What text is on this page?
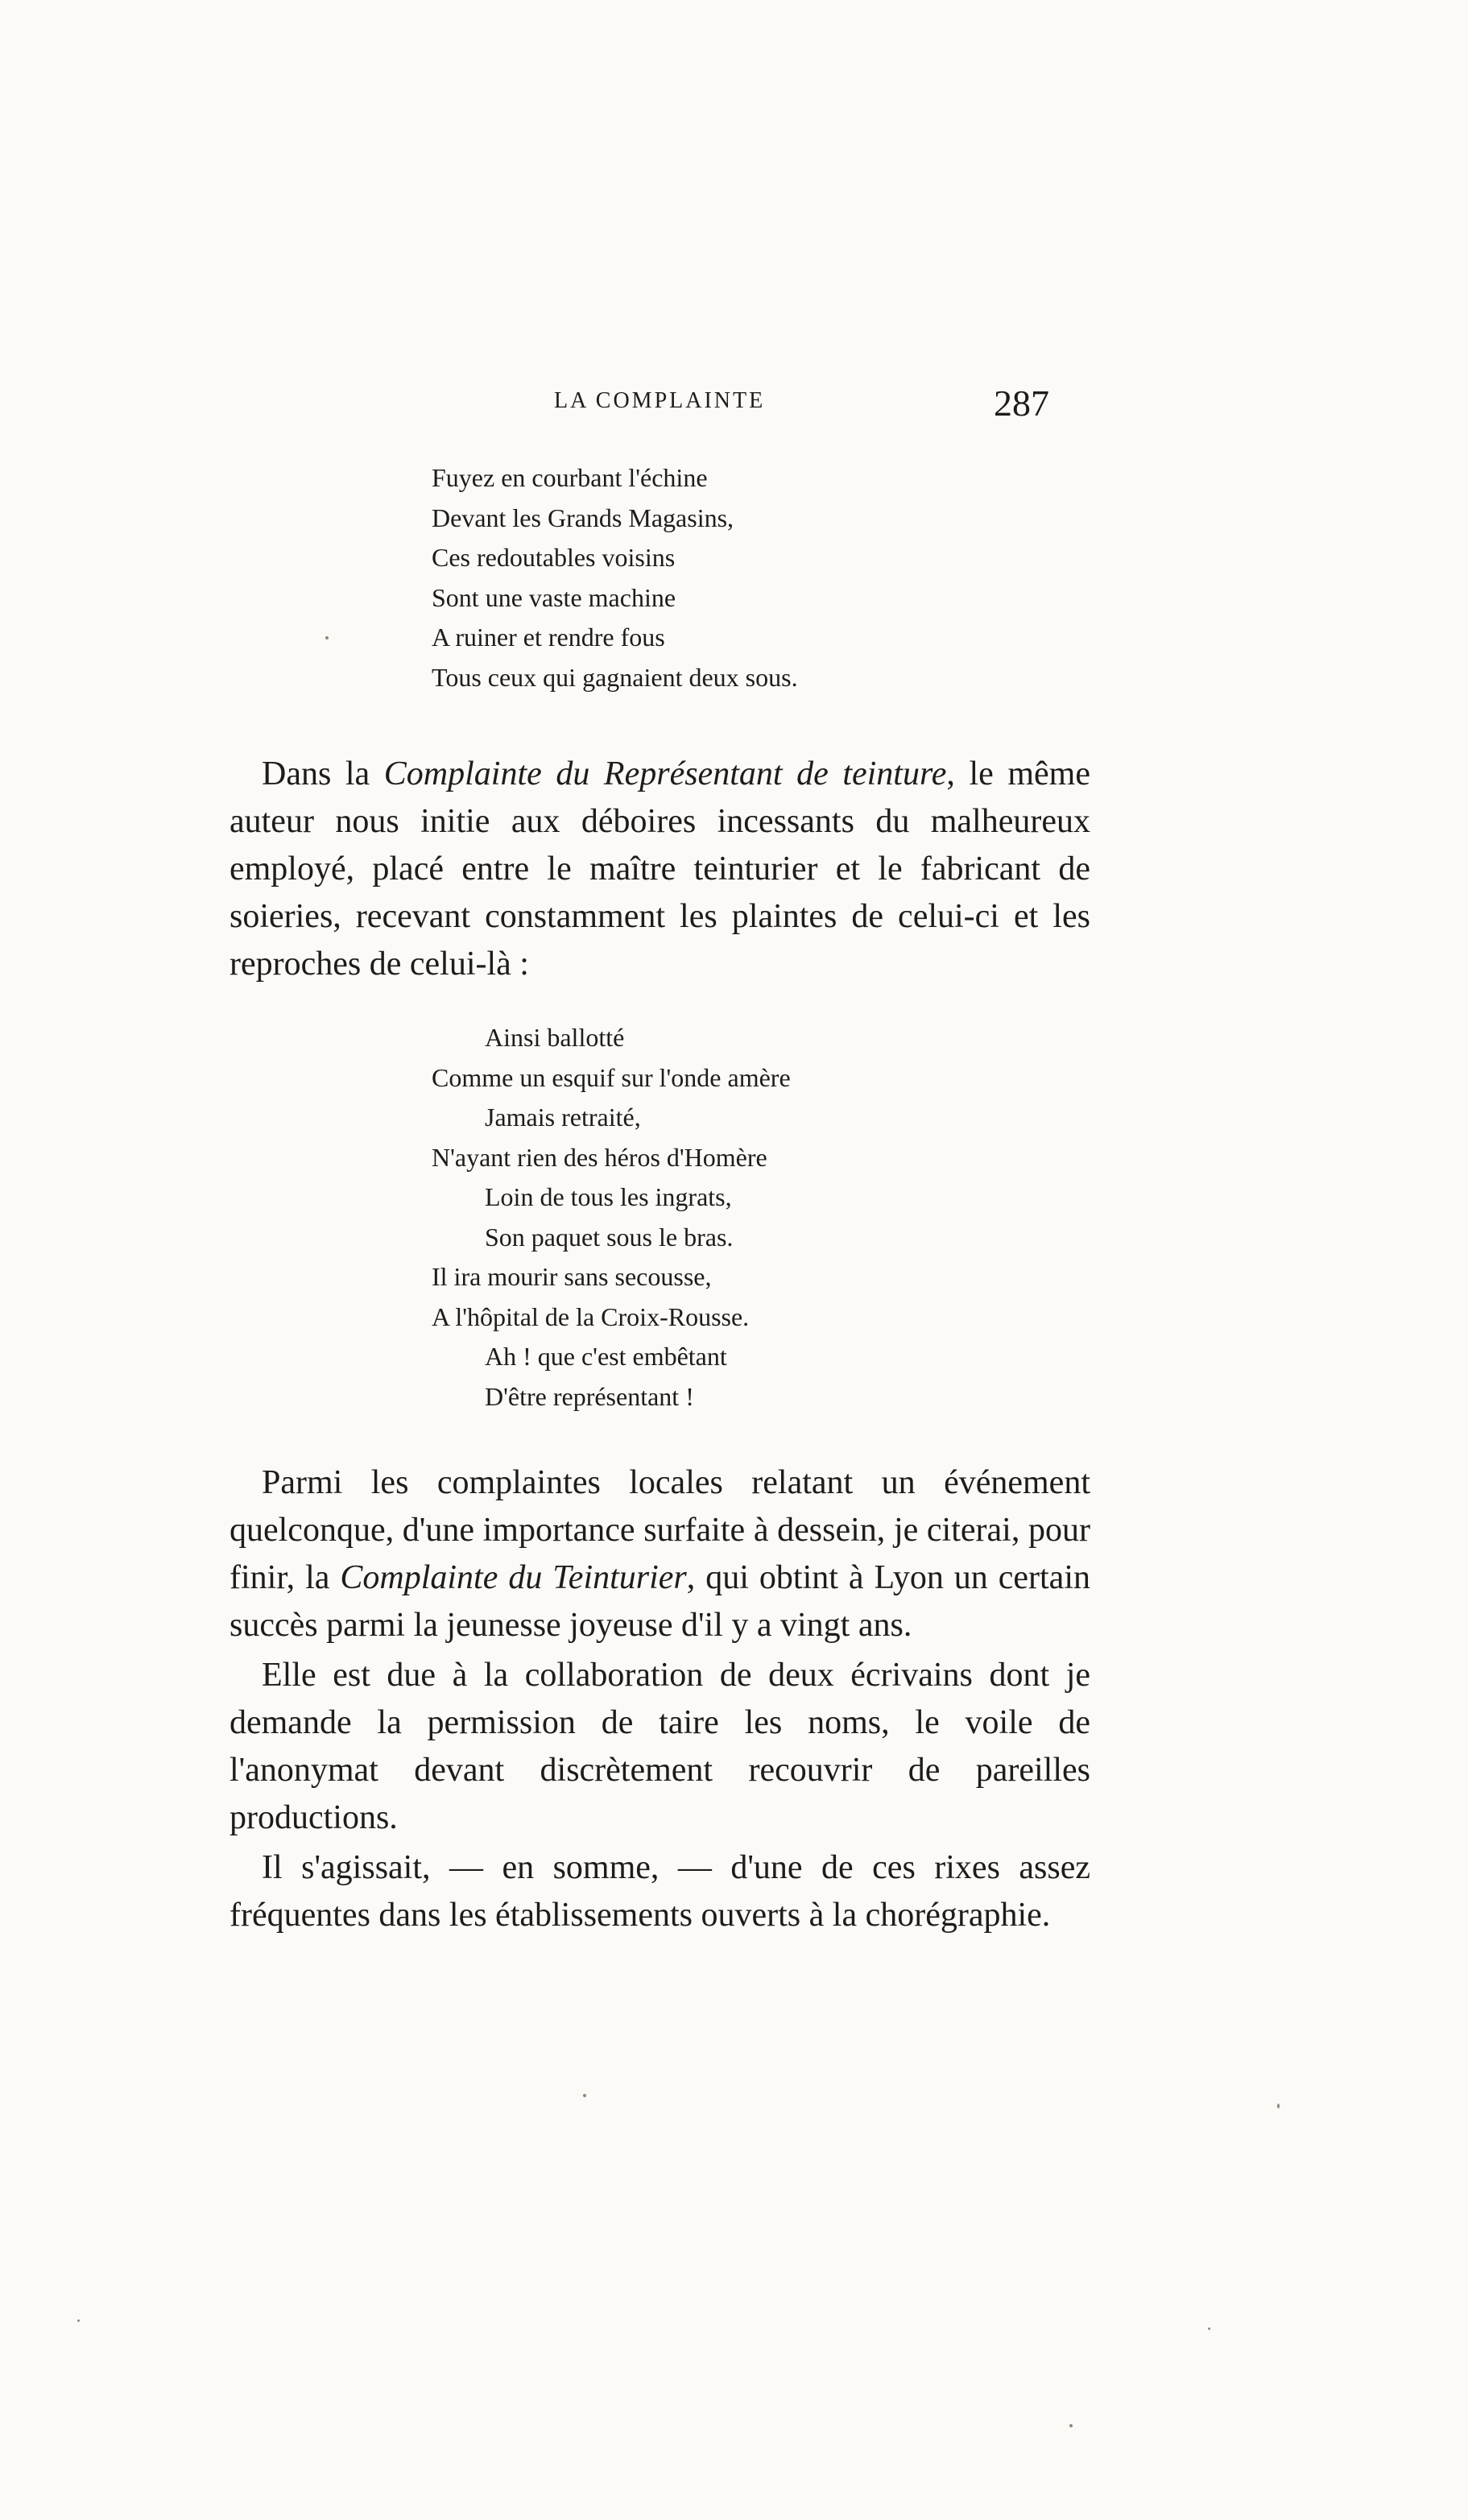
LA COMPLAINTE	287
Fuyez en courbant l'échine
Devant les Grands Magasins,
Ces redoutables voisins
Sont une vaste machine
A ruiner et rendre fous
Tous ceux qui gagnaient deux sous.

Dans la Complainte du Représentant de teinture, le même auteur nous initie aux déboires incessants du malheureux employé, placé entre le maître teinturier et le fabricant de soieries, recevant constamment les plaintes de celui-ci et les reproches de celui-là :

Ainsi ballotté
Comme un esquif sur l'onde amère
Jamais retraité,
N'ayant rien des héros d'Homère
Loin de tous les ingrats,
Son paquet sous le bras.
Il ira mourir sans secousse,
A l'hôpital de la Croix-Rousse.
Ah ! que c'est embêtant
D'être représentant !

Parmi les complaintes locales relatant un événement quelconque, d'une importance surfaite à dessein, je citerai, pour finir, la Complainte du Teinturier, qui obtint à Lyon un certain succès parmi la jeunesse joyeuse d'il y a vingt ans.

Elle est due à la collaboration de deux écrivains dont je demande la permission de taire les noms, le voile de l'anonymat devant discrètement recouvrir de pareilles productions.

Il s'agissait, — en somme, — d'une de ces rixes assez fréquentes dans les établissements ouverts à la chorégraphie.
